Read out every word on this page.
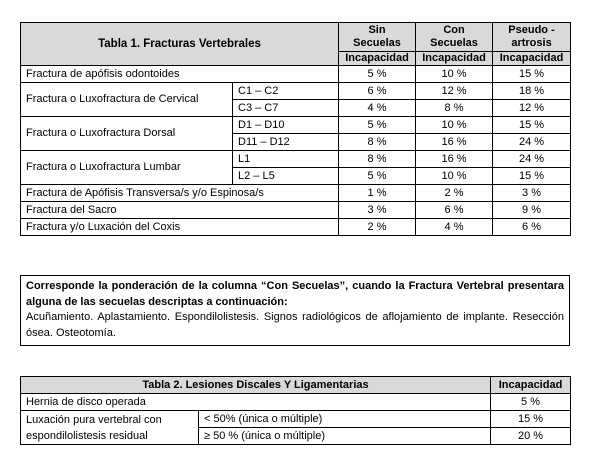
Tabla 1. Fracturas Vertebrales		Sin Secuelas	Con Secuelas	Pseudo - artrosis
		Incapacidad	Incapacidad	Incapacidad
Fractura de apófisis odontoides		5 %	10 %	15 %
Fractura o Luxofractura de Cervical	C1 – C2	6 %	12 %	18 %
	C3 – C7	4 %	8 %	12 %
Fractura o Luxofractura Dorsal	D1 – D10	5 %	10 %	15 %
	D11 – D12	8 %	16 %	24 %
Fractura o Luxofractura Lumbar	L1	8 %	16 %	24 %
	L2 – L5	5 %	10 %	15 %
Fractura de Apófisis Transversa/s y/o Espinosa/s		1 %	2 %	3 %
Fractura del Sacro		3 %	6 %	9 %
Fractura y/o Luxación del Coxis		2 %	4 %	6 %
Corresponde la ponderación de la columna “Con Secuelas”, cuando la Fractura Vertebral presentara alguna de las secuelas descriptas a continuación:
Acuñamiento. Aplastamiento. Espondilolistesis. Signos radiológicos de aflojamiento de implante. Resección ósea. Osteotomía.
Tabla 2. Lesiones Discales Y Ligamentarias		Incapacidad
Hernia de disco operada		5 %
Luxación pura vertebral con
espondilolistesis residual	< 50% (única o múltiple)	15 %
	≥ 50 % (única o múltiple)	20 %
